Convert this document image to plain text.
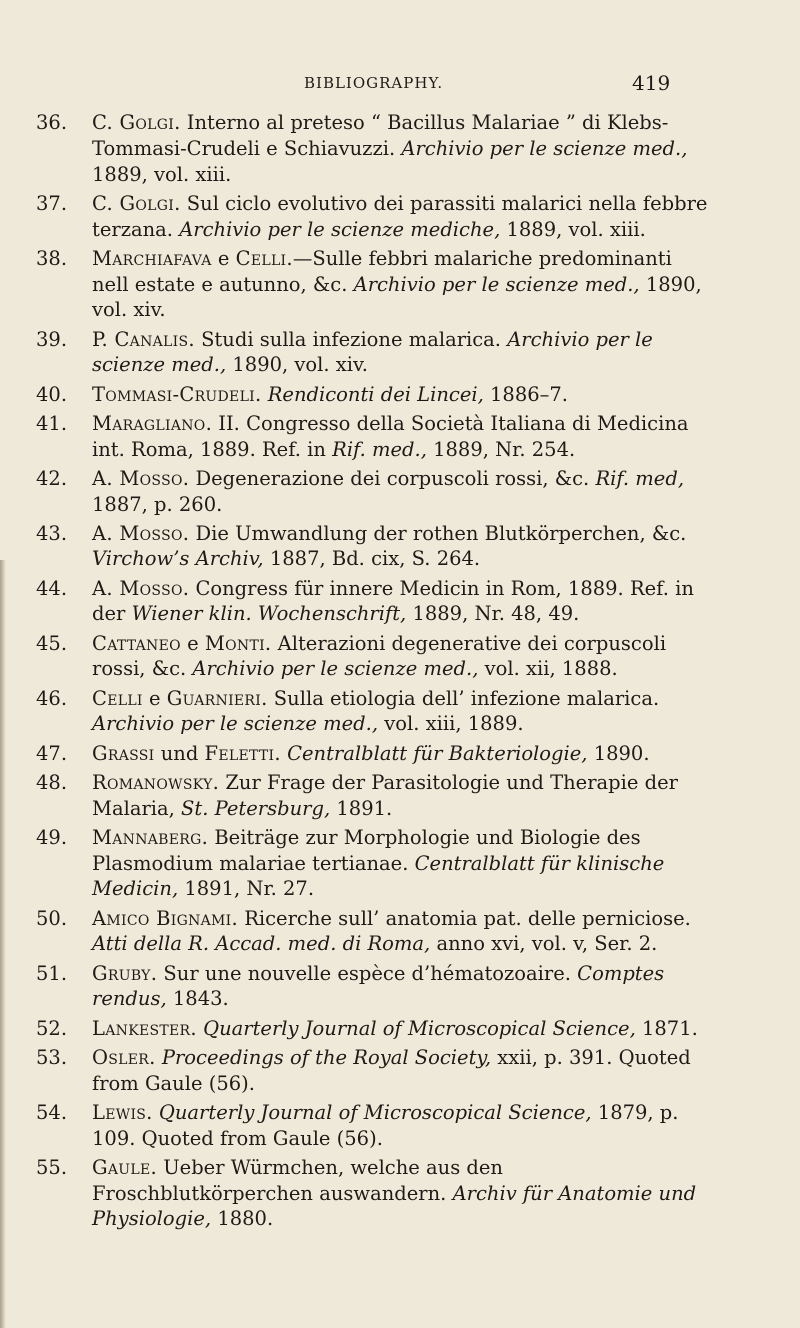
BIBLIOGRAPHY.	419
36. C. Golgi. Interno al preteso “ Bacillus Malariae ” di Klebs-Tommasi-Crudeli e Schiavuzzi. Archivio per le scienze med., 1889, vol. xiii.
37. C. Golgi. Sul ciclo evolutivo dei parassiti malarici nella febbre terzana. Archivio per le scienze mediche, 1889, vol. xiii.
38. Marchiafava e Celli.—Sulle febbri malariche predominanti nell estate e autunno, &c. Archivio per le scienze med., 1890, vol. xiv.
39. P. Canalis. Studi sulla infezione malarica. Archivio per le scienze med., 1890, vol. xiv.
40. Tommasi-Crudeli. Rendiconti dei Lincei, 1886–7.
41. Maragliano. II. Congresso della Società Italiana di Medicina int. Roma, 1889. Ref. in Rif. med., 1889, Nr. 254.
42. A. Mosso. Degenerazione dei corpuscoli rossi, &c. Rif. med, 1887, p. 260.
43. A. Mosso. Die Umwandlung der rothen Blutkörperchen, &c. Virchow’s Archiv, 1887, Bd. cix, S. 264.
44. A. Mosso. Congress für innere Medicin in Rom, 1889. Ref. in der Wiener klin. Wochenschrift, 1889, Nr. 48, 49.
45. Cattaneo e Monti. Alterazioni degenerative dei corpuscoli rossi, &c. Archivio per le scienze med., vol. xii, 1888.
46. Celli e Guarnieri. Sulla etiologia dell’ infezione malarica. Archivio per le scienze med., vol. xiii, 1889.
47. Grassi und Feletti. Centralblatt für Bakteriologie, 1890.
48. Romanowsky. Zur Frage der Parasitologie und Therapie der Malaria, St. Petersburg, 1891.
49. Mannaberg. Beiträge zur Morphologie und Biologie des Plasmodium malariae tertianae. Centralblatt für klinische Medicin, 1891, Nr. 27.
50. Amico Bignami. Ricerche sull’ anatomia pat. delle perniciose. Atti della R. Accad. med. di Roma, anno xvi, vol. v, Ser. 2.
51. Gruby. Sur une nouvelle espèce d’hématozoaire. Comptes rendus, 1843.
52. Lankester. Quarterly Journal of Microscopical Science, 1871.
53. Osler. Proceedings of the Royal Society, xxii, p. 391. Quoted from Gaule (56).
54. Lewis. Quarterly Journal of Microscopical Science, 1879, p. 109. Quoted from Gaule (56).
55. Gaule. Ueber Würmchen, welche aus den Froschblutkörperchen auswandern. Archiv für Anatomie und Physiologie, 1880.
